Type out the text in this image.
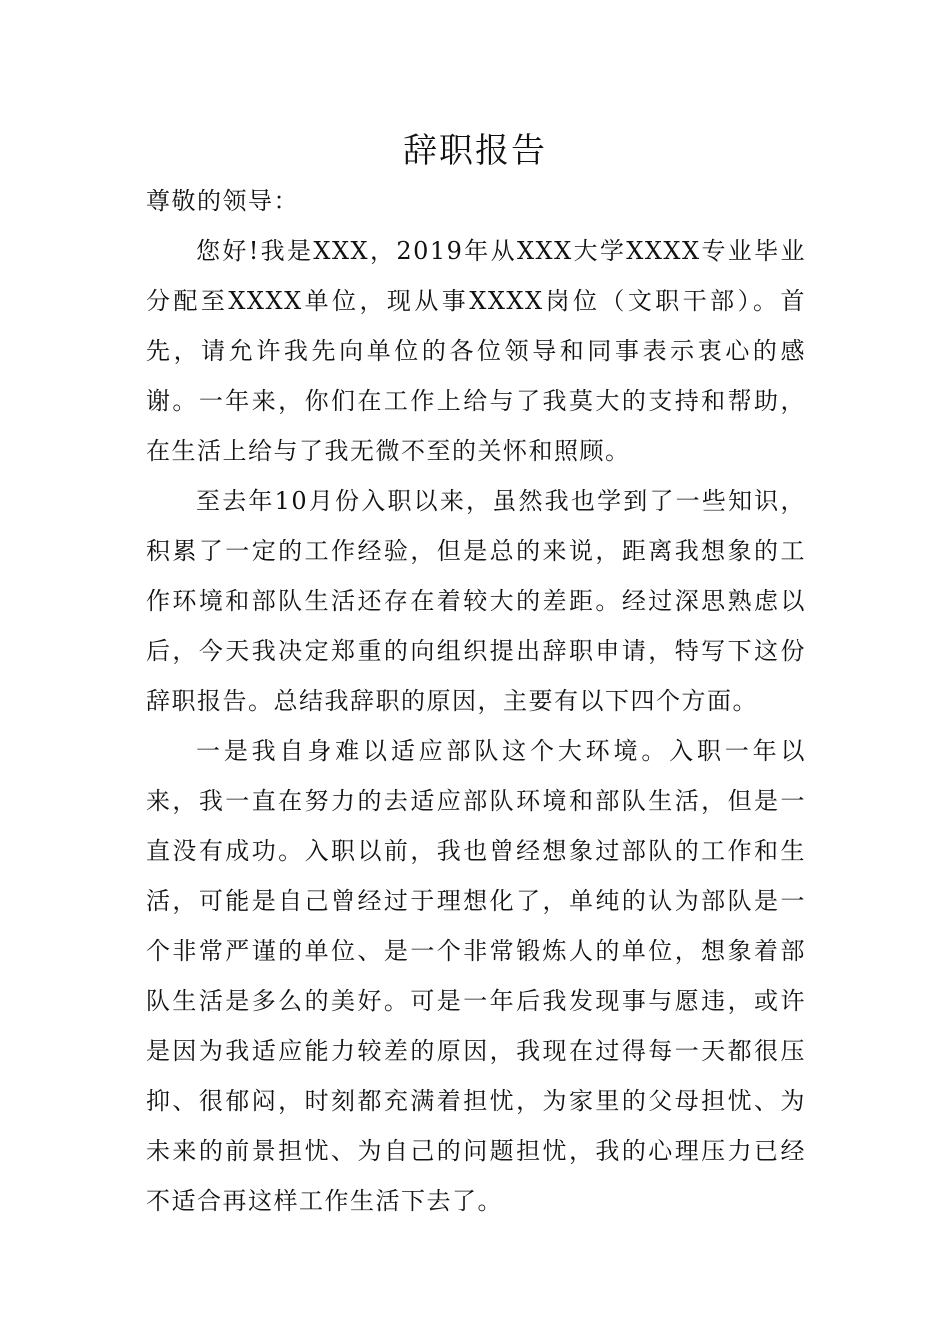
辞职报告

尊敬的领导：

您好!我是XXX，2019年从XXX大学XXXX专业毕业分配至XXXX单位，现从事XXXX岗位（文职干部）。首先，请允许我先向单位的各位领导和同事表示衷心的感谢。一年来，你们在工作上给与了我莫大的支持和帮助，在生活上给与了我无微不至的关怀和照顾。

至去年10月份入职以来，虽然我也学到了一些知识，积累了一定的工作经验，但是总的来说，距离我想象的工作环境和部队生活还存在着较大的差距。经过深思熟虑以后，今天我决定郑重的向组织提出辞职申请，特写下这份辞职报告。总结我辞职的原因，主要有以下四个方面。

一是我自身难以适应部队这个大环境。入职一年以来，我一直在努力的去适应部队环境和部队生活，但是一直没有成功。入职以前，我也曾经想象过部队的工作和生活，可能是自己曾经过于理想化了，单纯的认为部队是一个非常严谨的单位、是一个非常锻炼人的单位，想象着部队生活是多么的美好。可是一年后我发现事与愿违，或许是因为我适应能力较差的原因，我现在过得每一天都很压抑、很郁闷，时刻都充满着担忧，为家里的父母担忧、为未来的前景担忧、为自己的问题担忧，我的心理压力已经不适合再这样工作生活下去了。
